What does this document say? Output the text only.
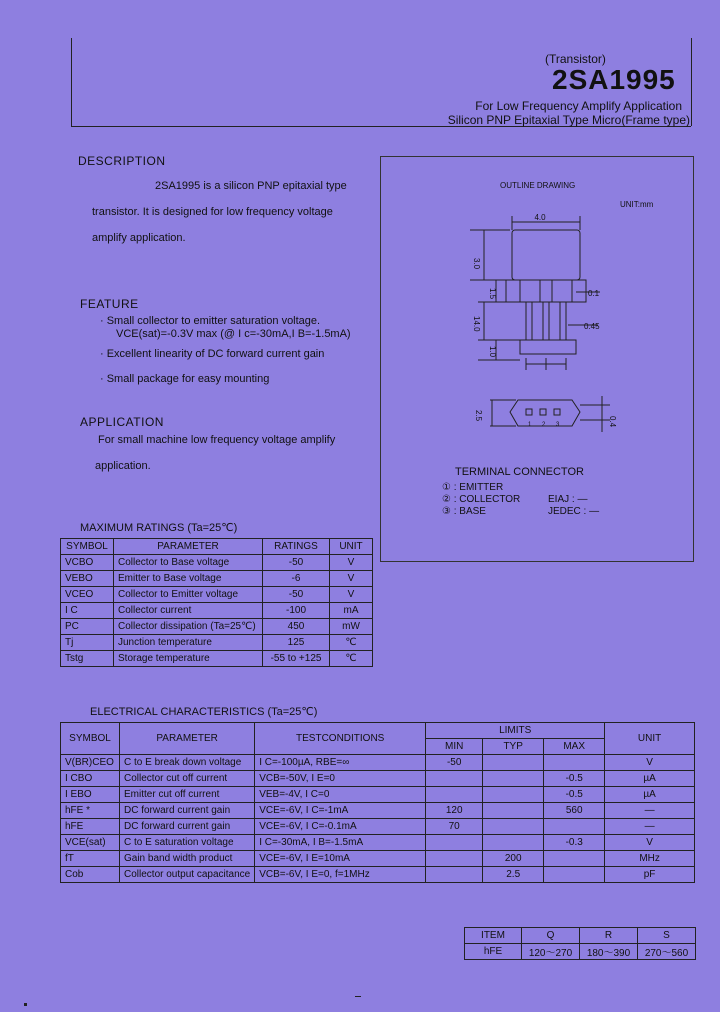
(Transistor)
2SA1995
For Low Frequency Amplify Application
Silicon PNP Epitaxial Type Micro(Frame type)
DESCRIPTION
2SA1995 is a silicon PNP epitaxial type
transistor. It is designed for low frequency voltage
amplify application.
FEATURE
· Small collector to emitter saturation voltage.
VCE(sat)=-0.3V max (@ I c=-30mA,I B=-1.5mA)
· Excellent linearity of DC forward current gain
· Small package for easy mounting
APPLICATION
For small machine low frequency voltage amplify
application.
OUTLINE DRAWING
UNIT:mm
4.0
3.0
1.5
14.0
1.0
0.1
0.45
2.5
0.4
1 2 3
TERMINAL CONNECTOR
① : EMITTER
② : COLLECTOR
③ : BASE
EIAJ : —
JEDEC : —
MAXIMUM RATINGS (Ta=25℃)
SYMBOL	PARAMETER	RATINGS	UNIT
VCBO	Collector to Base voltage	-50	V
VEBO	Emitter to Base voltage	-6	V
VCEO	Collector to Emitter voltage	-50	V
I C	Collector current	-100	mA
PC	Collector dissipation (Ta=25℃)	450	mW
Tj	Junction temperature	125	℃
Tstg	Storage temperature	-55 to +125	℃
ELECTRICAL CHARACTERISTICS (Ta=25℃)
SYMBOL	PARAMETER	TESTCONDITIONS	LIMITS			UNIT
			MIN	TYP	MAX	
V(BR)CEO	C to E break down voltage	I C=-100µA, RBE=∞	-50			V
I CBO	Collector cut off current	VCB=-50V, I E=0			-0.5	µA
I EBO	Emitter cut off current	VEB=-4V, I C=0			-0.5	µA
hFE *	DC forward current gain	VCE=-6V, I C=-1mA	120		560	—
hFE	DC forward current gain	VCE=-6V, I C=-0.1mA	70			—
VCE(sat)	C to E saturation voltage	I C=-30mA, I B=-1.5mA			-0.3	V
fT	Gain band width product	VCE=-6V, I E=10mA		200		MHz
Cob	Collector output capacitance	VCB=-6V, I E=0, f=1MHz		2.5		pF
ITEM	Q	R	S
hFE	120～270	180～390	270～560
